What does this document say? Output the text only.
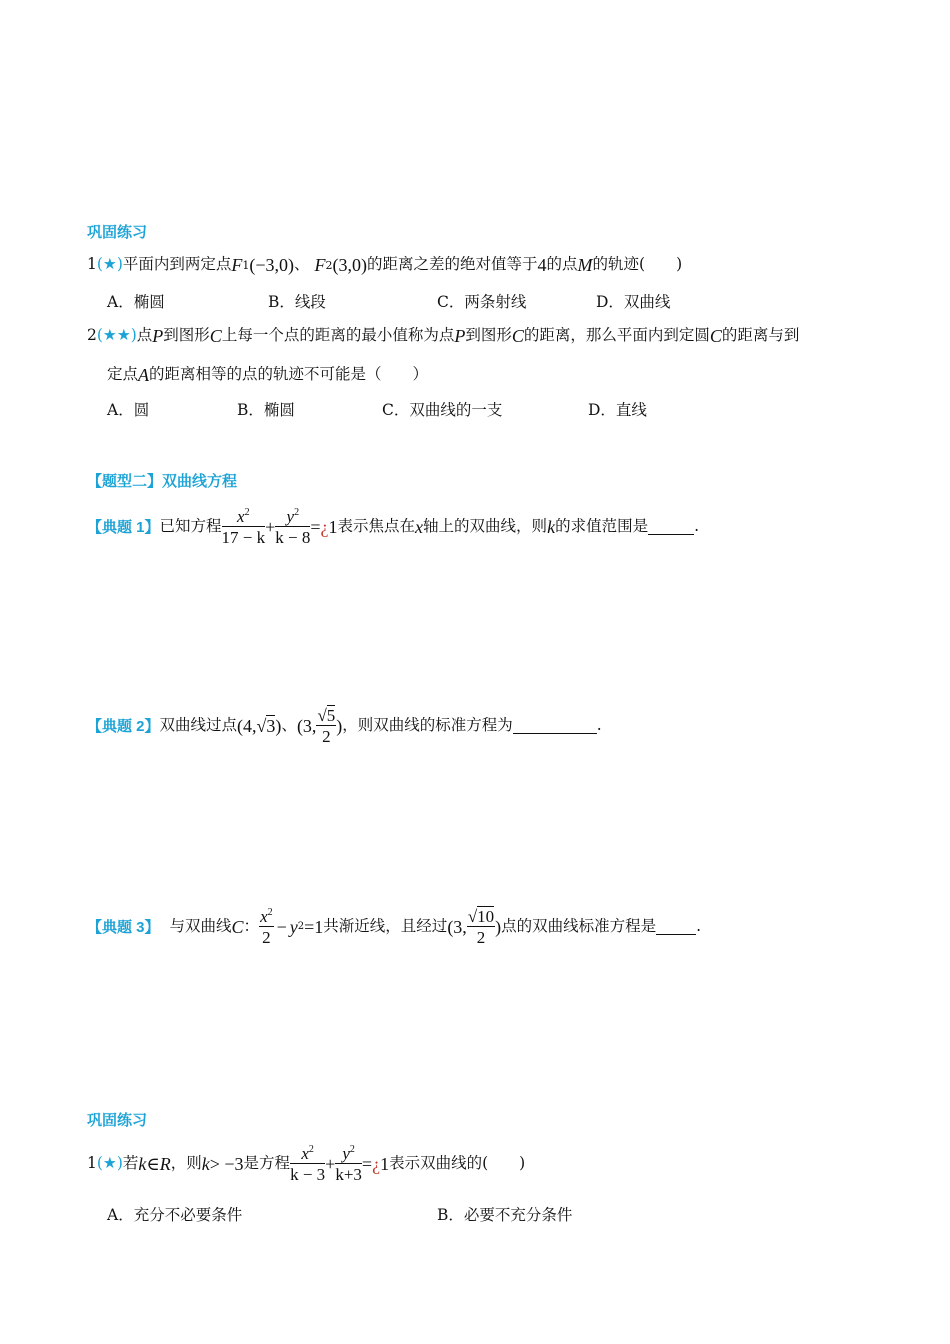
巩固练习
1 (★) 平面内到两定点 F 1 (−3,0) 、
F 2 (3,0) 的距离之差的绝对值等于 4 的点 M 的轨迹(　　)
A．椭圆	B．线段	C．两条射线	D．双曲线
2 (★★) 点 P 到图形 C 上每一个点的距离的最小值称为点 P 到图形 C 的距离，那么平面内到定圆 C 的距离与到
定点 A 的距离相等的点的轨迹不可能是（　　）
A．圆	B．椭圆	C．双曲线的一支	D．直线
【题型二】双曲线方程
【典题 1】 已知方程 $\frac{x^2}{17 - k} + \frac{y^2}{k - 8}$ = ¿ 1 表示焦点在 x 轴上的双曲线，则 k 的求值范围是
	.
【典题 2】 双曲线过点 (4, √3 ) 、 (3, $\frac{√5}{2}$ ) ，则双曲线的标准方程为
	.
【典题 3】 与双曲线 C ： $\frac{x^2}{2} - y$ 2 =1 共渐近线，且经过 (3, $\frac{√10}{2}$ ) 点的双曲线标准方程是
	.
巩固练习
1 (★) 若 k ∈ R ，则 k > −3 是方程 $\frac{x^2}{k - 3} + \frac{y^2}{k+3}$ = ¿ 1 表示双曲线的(　　)
A．充分不必要条件	B．必要不充分条件
